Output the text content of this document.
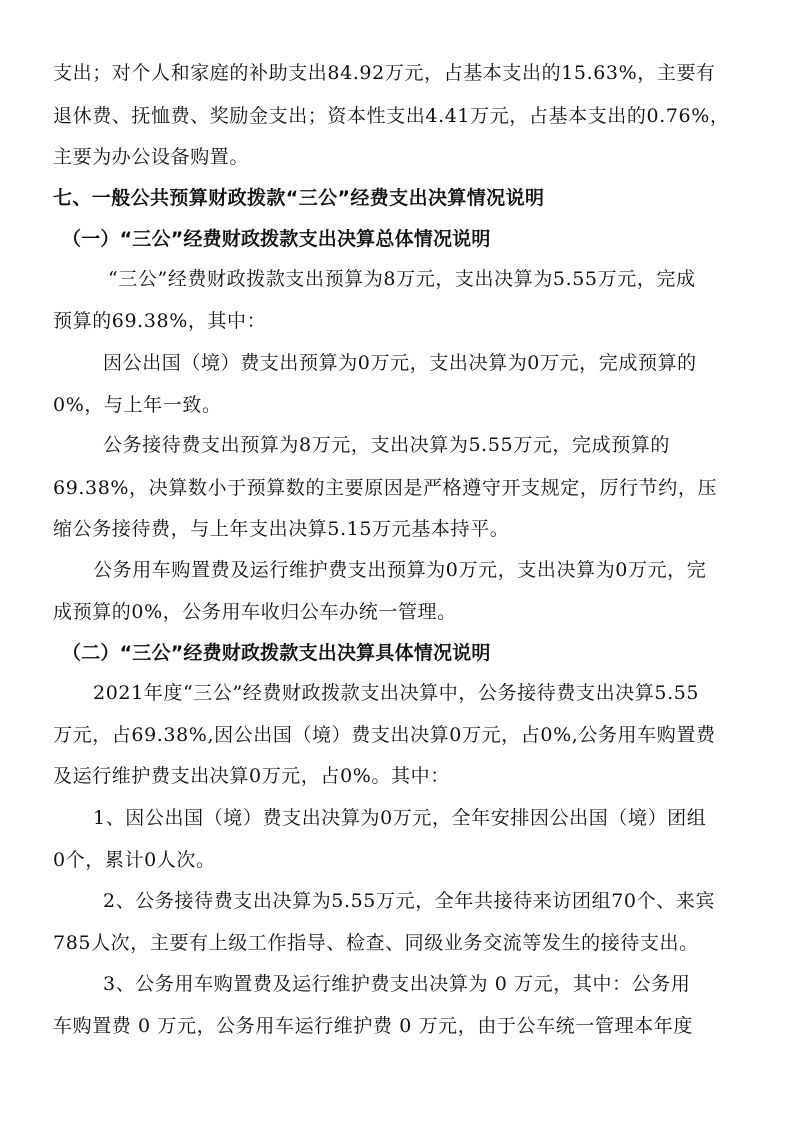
支出；对个人和家庭的补助支出84.92万元，占基本支出的15.63%，主要有
退休费、抚恤费、奖励金支出；资本性支出4.41万元，占基本支出的0.76%，
主要为办公设备购置。
七、一般公共预算财政拨款“三公”经费支出决算情况说明
（一）“三公”经费财政拨款支出决算总体情况说明
“三公”经费财政拨款支出预算为8万元，支出决算为5.55万元，完成
预算的69.38%，其中：
因公出国（境）费支出预算为0万元，支出决算为0万元，完成预算的
0%，与上年一致。
公务接待费支出预算为8万元，支出决算为5.55万元，完成预算的
69.38%，决算数小于预算数的主要原因是严格遵守开支规定，厉行节约，压
缩公务接待费，与上年支出决算5.15万元基本持平。
公务用车购置费及运行维护费支出预算为0万元，支出决算为0万元，完
成预算的0%，公务用车收归公车办统一管理。
（二）“三公”经费财政拨款支出决算具体情况说明
2021年度“三公”经费财政拨款支出决算中，公务接待费支出决算5.55
万元，占69.38%,因公出国（境）费支出决算0万元，占0%,公务用车购置费
及运行维护费支出决算0万元，占0%。其中：
1、因公出国（境）费支出决算为0万元，全年安排因公出国（境）团组
0个，累计0人次。
2、公务接待费支出决算为5.55万元，全年共接待来访团组70个、来宾
785人次，主要有上级工作指导、检查、同级业务交流等发生的接待支出。
3、公务用车购置费及运行维护费支出决算为 0 万元，其中：公务用
车购置费 0 万元，公务用车运行维护费 0 万元，由于公车统一管理本年度
